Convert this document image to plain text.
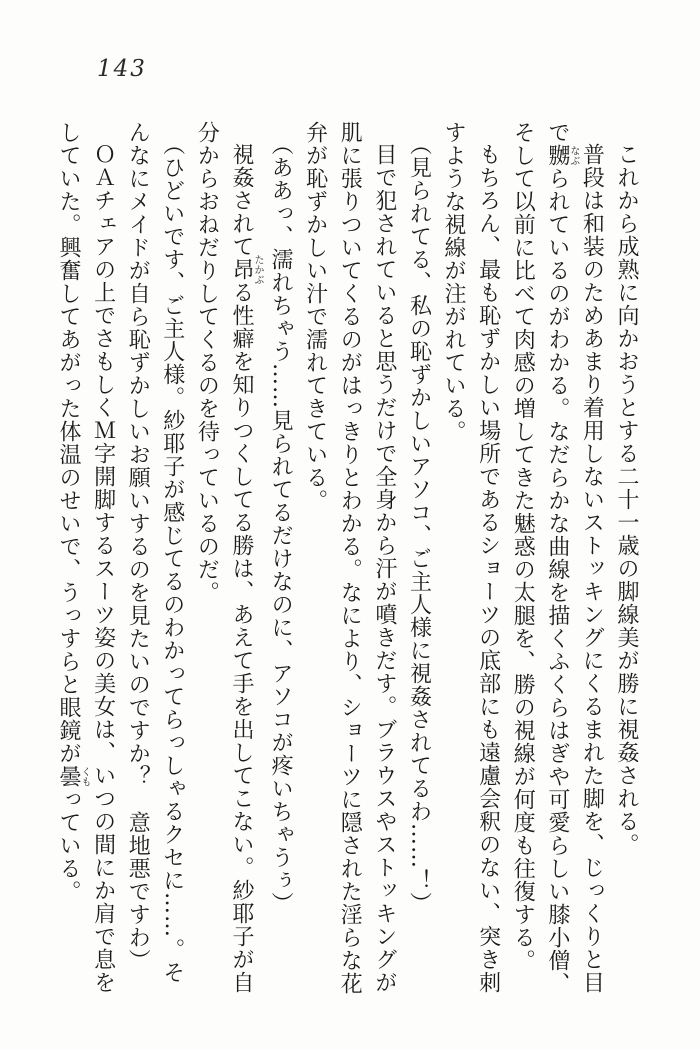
143

これから成熟に向かおうとする二十一歳の脚線美が勝に視姦される。

普段は和装のためあまり着用しないストッキングにくるまれた脚を、じっくりと目で嬲なぶられているのがわかる。なだらかな曲線を描くふくらはぎや可愛らしい膝小僧、そして以前に比べて肉感の増してきた魅惑の太腿を、勝の視線が何度も往復する。

もちろん、最も恥ずかしい場所であるショーツの底部にも遠慮会釈のない、突き刺すような視線が注がれている。

（見られてる、私の恥ずかしいアソコ、ご主人様に視姦されてるわ……！）

目で犯されていると思うだけで全身から汗が噴きだす。ブラウスやストッキングが肌に張りついてくるのがはっきりとわかる。なにより、ショーツに隠された淫らな花弁が恥ずかしい汁で濡れてきている。

（ああっ、濡れちゃう……見られてるだけなのに、アソコが疼いちゃうぅ）

視姦されて昂たかぶる性癖を知りつくしてる勝は、あえて手を出してこない。紗耶子が自分からおねだりしてくるのを待っているのだ。

（ひどいです、ご主人様。紗耶子が感じてるのわかってらっしゃるクセに……。そんなにメイドが自ら恥ずかしいお願いするのを見たいのですか？　意地悪ですわ）

ＯＡチェアの上でさもしくＭ字開脚するスーツ姿の美女は、いつの間にか肩で息をしていた。興奮してあがった体温のせいで、うっすらと眼鏡が曇くもっている。
